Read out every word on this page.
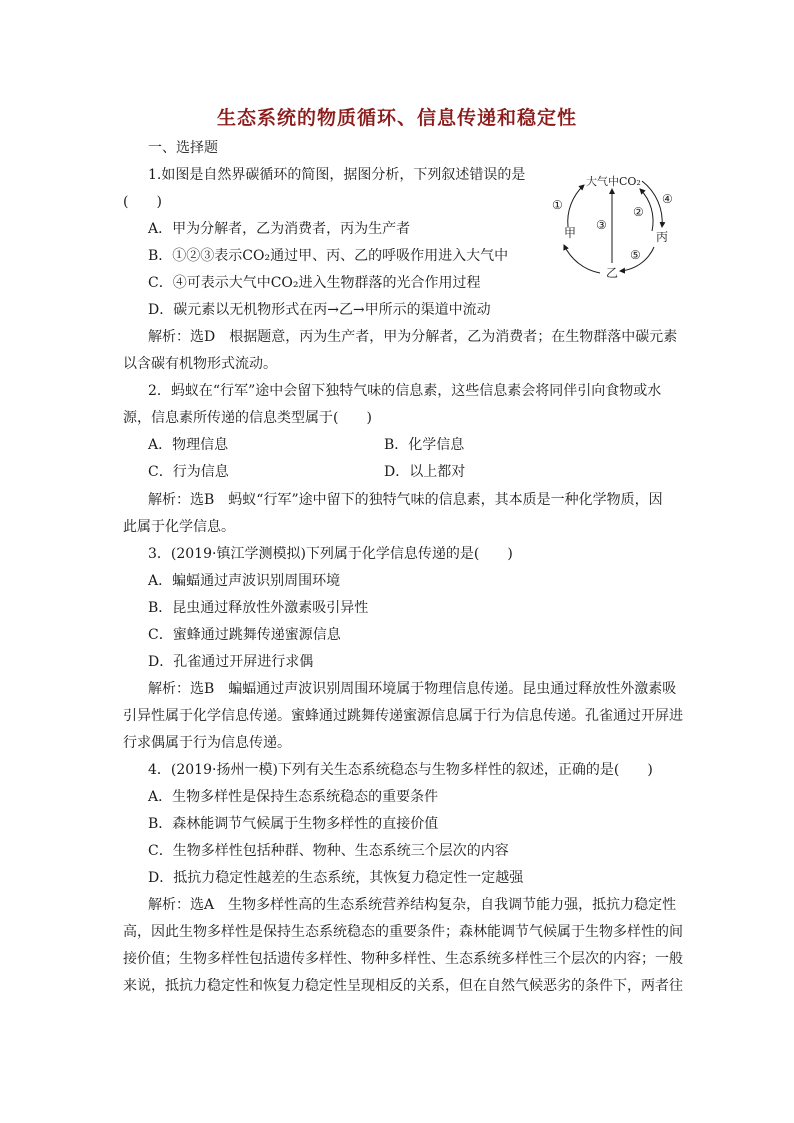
生态系统的物质循环、信息传递和稳定性
一、选择题
1.如图是自然界碳循环的简图，据图分析，下列叙述错误的是
(　　)
A．甲为分解者，乙为消费者，丙为生产者
B．①②③表示CO₂通过甲、丙、乙的呼吸作用进入大气中
C．④可表示大气中CO₂进入生物群落的光合作用过程
D．碳元素以无机物形式在丙→乙→甲所示的渠道中流动
解析：选D　根据题意，丙为生产者，甲为分解者，乙为消费者；在生物群落中碳元素
以含碳有机物形式流动。
大气中CO₂
甲	丙
乙
①	②
③
④
⑤
2．蚂蚁在“行军”途中会留下独特气味的信息素，这些信息素会将同伴引向食物或水
源，信息素所传递的信息类型属于(　　)
A．物理信息	B．化学信息
C．行为信息	D．以上都对
解析：选B　蚂蚁“行军”途中留下的独特气味的信息素，其本质是一种化学物质，因
此属于化学信息。
3．(2019·镇江学测模拟)下列属于化学信息传递的是(　　)
A．蝙蝠通过声波识别周围环境
B．昆虫通过释放性外激素吸引异性
C．蜜蜂通过跳舞传递蜜源信息
D．孔雀通过开屏进行求偶
解析：选B　蝙蝠通过声波识别周围环境属于物理信息传递。昆虫通过释放性外激素吸
引异性属于化学信息传递。蜜蜂通过跳舞传递蜜源信息属于行为信息传递。孔雀通过开屏进
行求偶属于行为信息传递。
4．(2019·扬州一模)下列有关生态系统稳态与生物多样性的叙述，正确的是(　　)
A．生物多样性是保持生态系统稳态的重要条件
B．森林能调节气候属于生物多样性的直接价值
C．生物多样性包括种群、物种、生态系统三个层次的内容
D．抵抗力稳定性越差的生态系统，其恢复力稳定性一定越强
解析：选A　生物多样性高的生态系统营养结构复杂，自我调节能力强，抵抗力稳定性
高，因此生物多样性是保持生态系统稳态的重要条件；森林能调节气候属于生物多样性的间
接价值；生物多样性包括遗传多样性、物种多样性、生态系统多样性三个层次的内容；一般
来说，抵抗力稳定性和恢复力稳定性呈现相反的关系，但在自然气候恶劣的条件下，两者往
